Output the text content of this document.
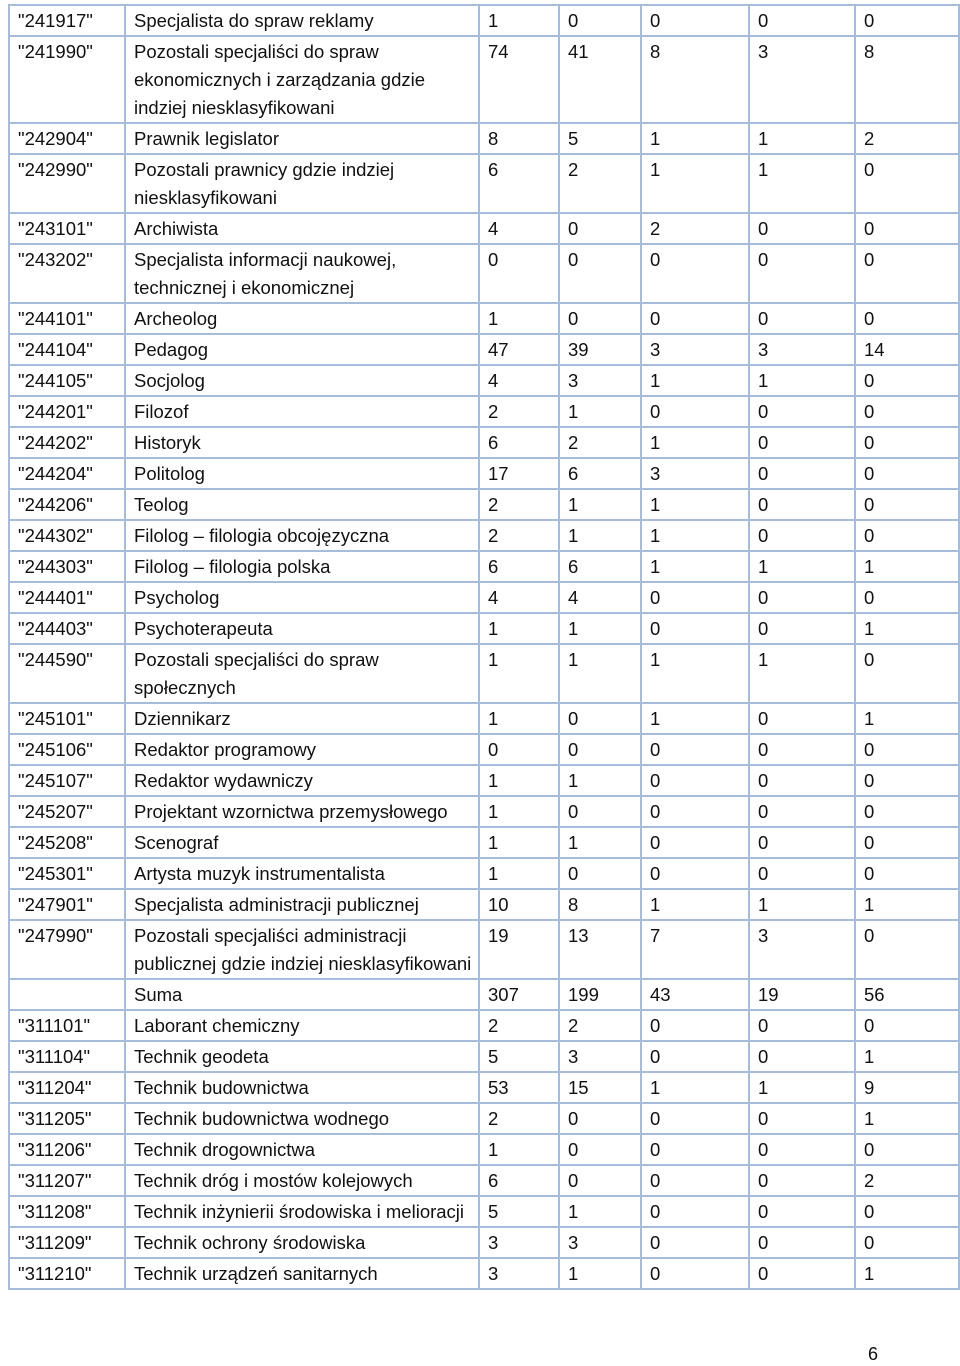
"241917"	Specjalista do spraw reklamy	1	0	0	0	0
"241990"	Pozostali specjaliści do spraw ekonomicznych i zarządzania gdzie indziej niesklasyfikowani	74	41	8	3	8
"242904"	Prawnik legislator	8	5	1	1	2
"242990"	Pozostali prawnicy gdzie indziej niesklasyfikowani	6	2	1	1	0
"243101"	Archiwista	4	0	2	0	0
"243202"	Specjalista informacji naukowej, technicznej i ekonomicznej	0	0	0	0	0
"244101"	Archeolog	1	0	0	0	0
"244104"	Pedagog	47	39	3	3	14
"244105"	Socjolog	4	3	1	1	0
"244201"	Filozof	2	1	0	0	0
"244202"	Historyk	6	2	1	0	0
"244204"	Politolog	17	6	3	0	0
"244206"	Teolog	2	1	1	0	0
"244302"	Filolog – filologia obcojęzyczna	2	1	1	0	0
"244303"	Filolog – filologia polska	6	6	1	1	1
"244401"	Psycholog	4	4	0	0	0
"244403"	Psychoterapeuta	1	1	0	0	1
"244590"	Pozostali specjaliści do spraw społecznych	1	1	1	1	0
"245101"	Dziennikarz	1	0	1	0	1
"245106"	Redaktor programowy	0	0	0	0	0
"245107"	Redaktor wydawniczy	1	1	0	0	0
"245207"	Projektant wzornictwa przemysłowego	1	0	0	0	0
"245208"	Scenograf	1	1	0	0	0
"245301"	Artysta muzyk instrumentalista	1	0	0	0	0
"247901"	Specjalista administracji publicznej	10	8	1	1	1
"247990"	Pozostali specjaliści administracji publicznej gdzie indziej niesklasyfikowani	19	13	7	3	0
	Suma	307	199	43	19	56
"311101"	Laborant chemiczny	2	2	0	0	0
"311104"	Technik geodeta	5	3	0	0	1
"311204"	Technik budownictwa	53	15	1	1	9
"311205"	Technik budownictwa wodnego	2	0	0	0	1
"311206"	Technik drogownictwa	1	0	0	0	0
"311207"	Technik dróg i mostów kolejowych	6	0	0	0	2
"311208"	Technik inżynierii środowiska i melioracji	5	1	0	0	0
"311209"	Technik ochrony środowiska	3	3	0	0	0
"311210"	Technik urządzeń sanitarnych	3	1	0	0	1
6
